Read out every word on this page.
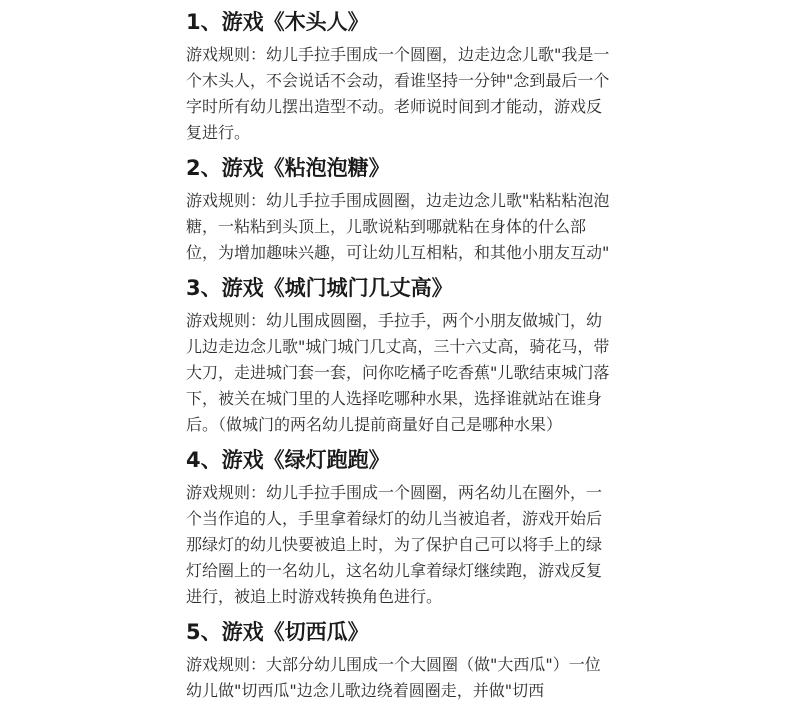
1、游戏《木头人》

游戏规则：幼儿手拉手围成一个圆圈，边走边念儿歌"我是一个木头人，不会说话不会动，看谁坚持一分钟"念到最后一个字时所有幼儿摆出造型不动。老师说时间到才能动，游戏反复进行。

2、游戏《粘泡泡糖》

游戏规则：幼儿手拉手围成圆圈，边走边念儿歌"粘粘粘泡泡糖，一粘粘到头顶上，儿歌说粘到哪就粘在身体的什么部位，为增加趣味兴趣，可让幼儿互相粘，和其他小朋友互动"

3、游戏《城门城门几丈高》

游戏规则：幼儿围成圆圈，手拉手，两个小朋友做城门，幼儿边走边念儿歌"城门城门几丈高，三十六丈高，骑花马，带大刀，走进城门套一套，问你吃橘子吃香蕉"儿歌结束城门落下，被关在城门里的人选择吃哪种水果，选择谁就站在谁身后。（做城门的两名幼儿提前商量好自己是哪种水果）

4、游戏《绿灯跑跑》

游戏规则：幼儿手拉手围成一个圆圈，两名幼儿在圈外，一个当作追的人，手里拿着绿灯的幼儿当被追者，游戏开始后那绿灯的幼儿快要被追上时，为了保护自己可以将手上的绿灯给圈上的一名幼儿，这名幼儿拿着绿灯继续跑，游戏反复进行，被追上时游戏转换角色进行。

5、游戏《切西瓜》

游戏规则：大部分幼儿围成一个大圆圈（做"大西瓜"）一位幼儿做"切西瓜"边念儿歌边绕着圆圈走，并做"切西
